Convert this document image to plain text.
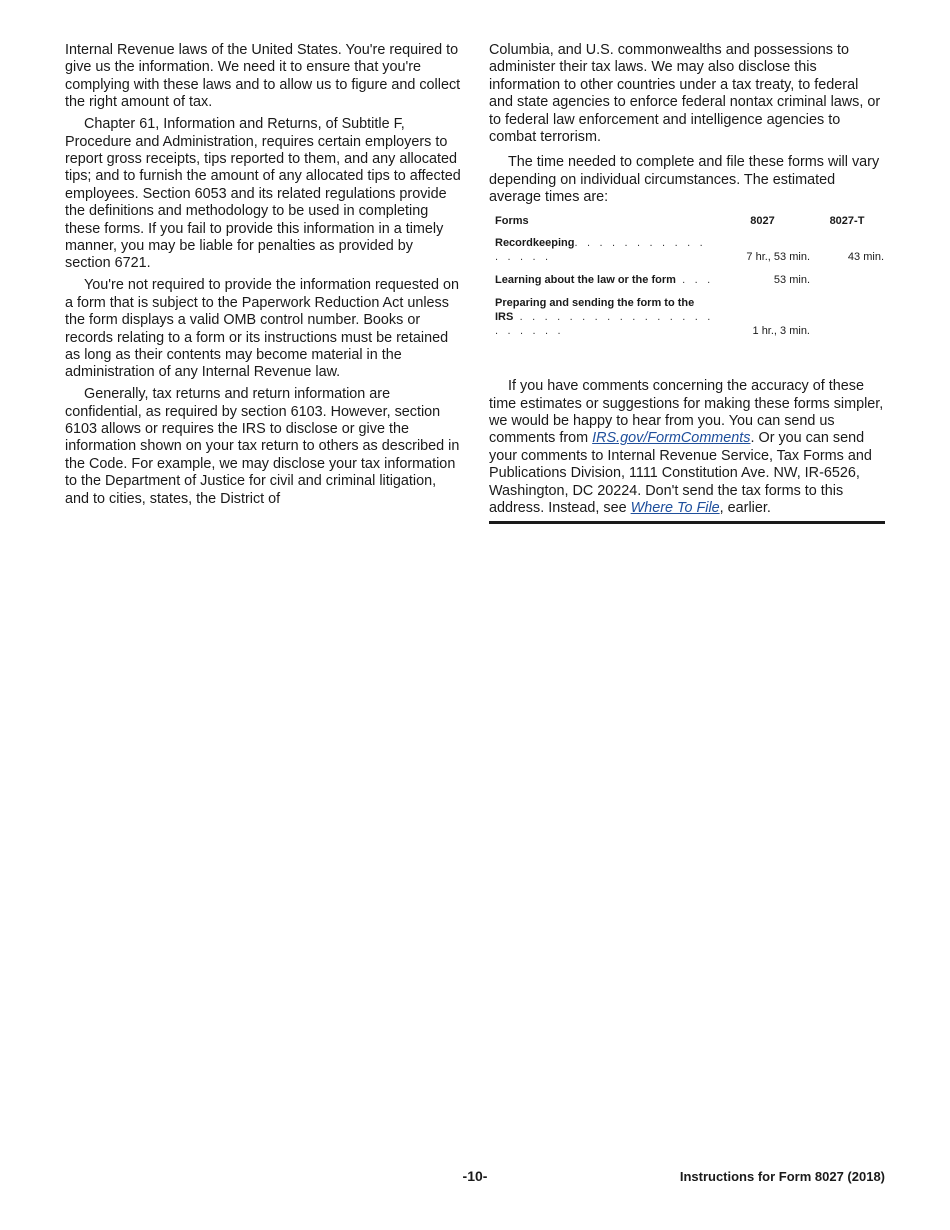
Internal Revenue laws of the United States. You're required to give us the information. We need it to ensure that you're complying with these laws and to allow us to figure and collect the right amount of tax.

Chapter 61, Information and Returns, of Subtitle F, Procedure and Administration, requires certain employers to report gross receipts, tips reported to them, and any allocated tips; and to furnish the amount of any allocated tips to affected employees. Section 6053 and its related regulations provide the definitions and methodology to be used in completing these forms. If you fail to provide this information in a timely manner, you may be liable for penalties as provided by section 6721.

You're not required to provide the information requested on a form that is subject to the Paperwork Reduction Act unless the form displays a valid OMB control number. Books or records relating to a form or its instructions must be retained as long as their contents may become material in the administration of any Internal Revenue law.

Generally, tax returns and return information are confidential, as required by section 6103. However, section 6103 allows or requires the IRS to disclose or give the information shown on your tax return to others as described in the Code. For example, we may disclose your tax information to the Department of Justice for civil and criminal litigation, and to cities, states, the District of

Columbia, and U.S. commonwealths and possessions to administer their tax laws. We may also disclose this information to other countries under a tax treaty, to federal and state agencies to enforce federal nontax criminal laws, or to federal law enforcement and intelligence agencies to combat terrorism.

The time needed to complete and file these forms will vary depending on individual circumstances. The estimated average times are:

Forms	8027	8027-T
Recordkeeping. . . . . . . . . . . . . . . .	7 hr., 53 min.	43 min.
Learning about the law or the form . . .	53 min.	
Preparing and sending the form to the
IRS . . . . . . . . . . . . . . . . . . . . . .	1 hr., 3 min.	

If you have comments concerning the accuracy of these time estimates or suggestions for making these forms simpler, we would be happy to hear from you. You can send us comments from IRS.gov/FormComments. Or you can send your comments to Internal Revenue Service, Tax Forms and Publications Division, 1111 Constitution Ave. NW, IR-6526, Washington, DC 20224. Don't send the tax forms to this address. Instead, see Where To File, earlier.

-10-	Instructions for Form 8027 (2018)
